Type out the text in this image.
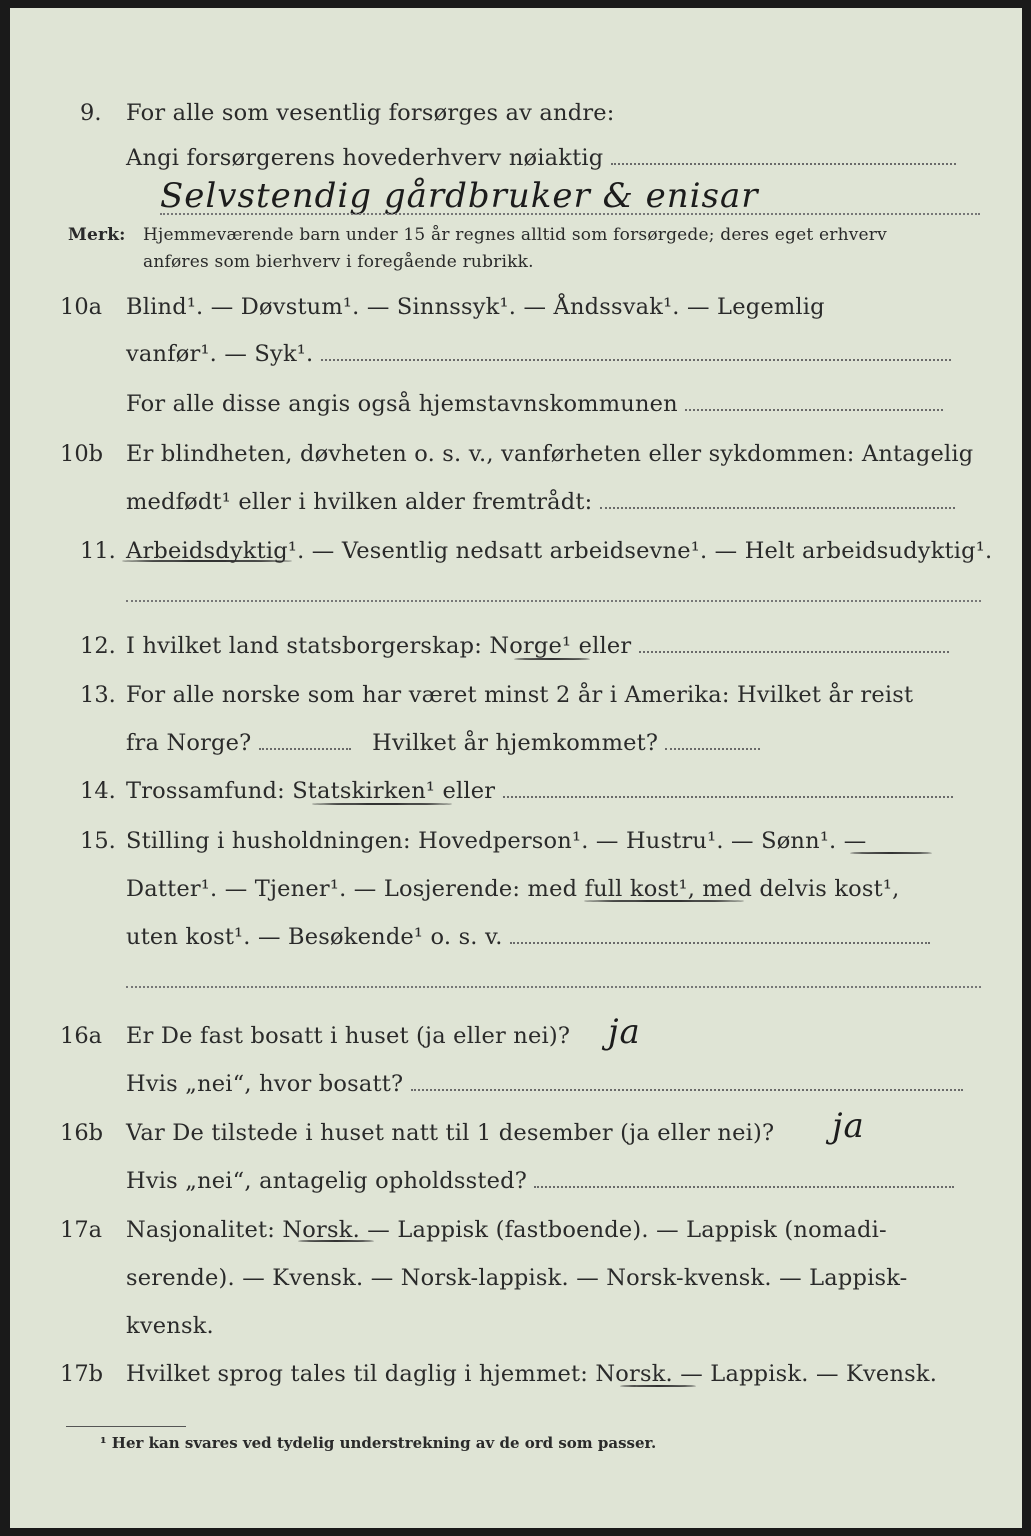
9. For alle som vesentlig forsørges av andre:
Angi forsørgerens hovederhverv nøiaktig
Selvstendig gårdbruker & enisar
Merk: Hjemmeværende barn under 15 år regnes alltid som forsørgede; deres eget erhverv
anføres som bierhverv i foregående rubrikk.
10a Blind¹. — Døvstum¹. — Sinnssyk¹. — Åndssvak¹. — Legemlig
vanfør¹. — Syk¹.
For alle disse angis også hjemstavnskommunen
10b Er blindheten, døvheten o. s. v., vanførheten eller sykdommen: Antagelig
medfødt¹ eller i hvilken alder fremtrådt:
11. Arbeidsdyktig¹. — Vesentlig nedsatt arbeidsevne¹. — Helt arbeidsudyktig¹.
12. I hvilket land statsborgerskap: Norge¹ eller
13. For alle norske som har været minst 2 år i Amerika: Hvilket år reist
fra Norge?	Hvilket år hjemkommet?
14. Trossamfund: Statskirken¹ eller
15. Stilling i husholdningen: Hovedperson¹. — Hustru¹. — Sønn¹. —
Datter¹. — Tjener¹. — Losjerende: med full kost¹, med delvis kost¹,
uten kost¹. — Besøkende¹ o. s. v.
16a Er De fast bosatt i huset (ja eller nei)? ja
Hvis „nei“, hvor bosatt?
16b Var De tilstede i huset natt til 1 desember (ja eller nei)? ja
Hvis „nei“, antagelig opholdssted?
17a Nasjonalitet: Norsk. — Lappisk (fastboende). — Lappisk (nomadi-
serende). — Kvensk. — Norsk-lappisk. — Norsk-kvensk. — Lappisk-
kvensk.
17b Hvilket sprog tales til daglig i hjemmet: Norsk. — Lappisk. — Kvensk.
¹ Her kan svares ved tydelig understrekning av de ord som passer.
